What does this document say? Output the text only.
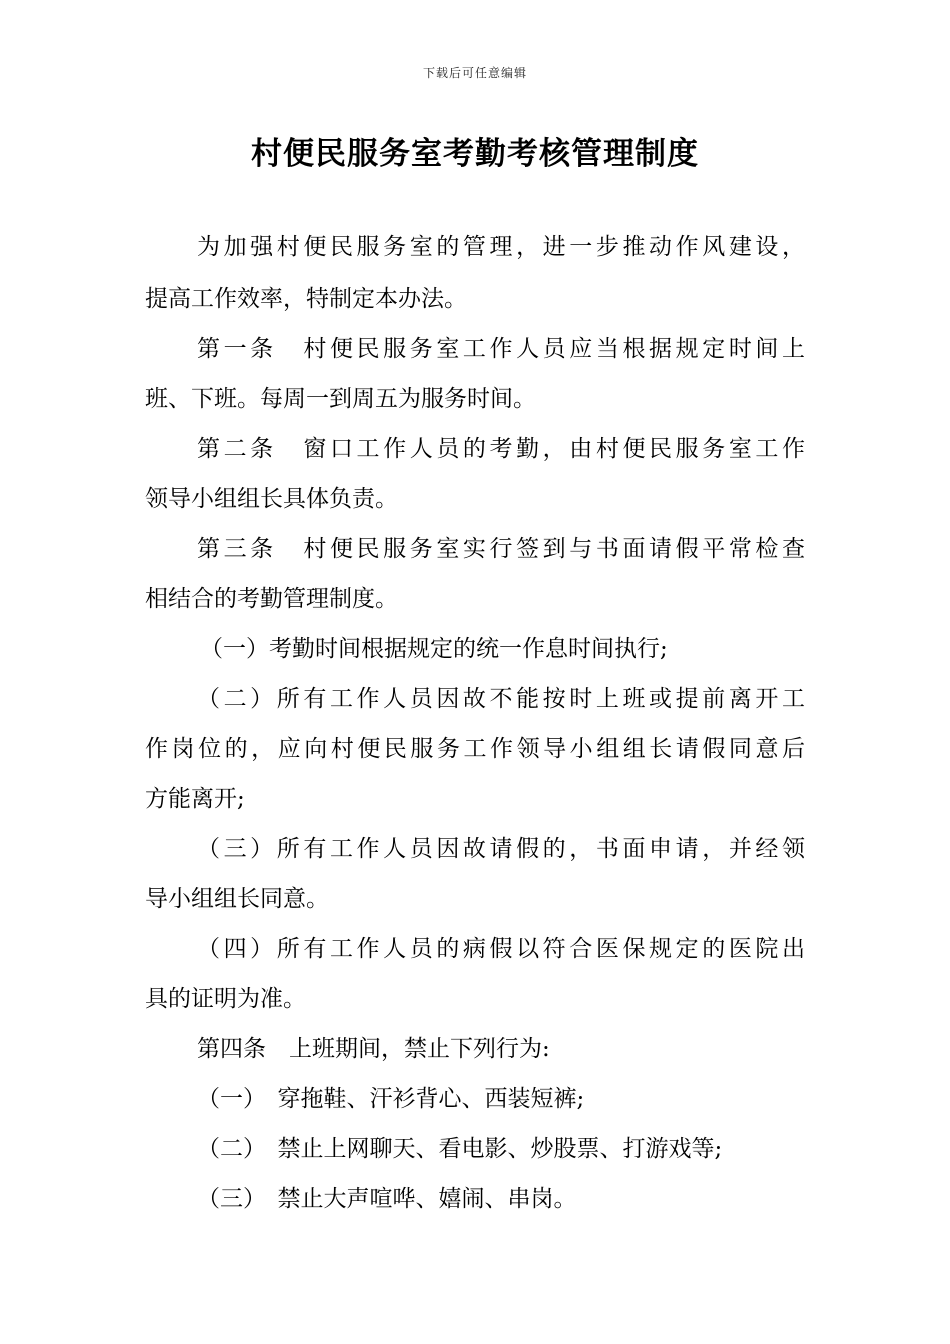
下载后可任意编辑
村便民服务室考勤考核管理制度
为加强村便民服务室的管理，进一步推动作风建设，
提高工作效率，特制定本办法。
第一条　村便民服务室工作人员应当根据规定时间上
班、下班。每周一到周五为服务时间。
第二条　窗口工作人员的考勤，由村便民服务室工作
领导小组组长具体负责。
第三条　村便民服务室实行签到与书面请假平常检查
相结合的考勤管理制度。
（一）考勤时间根据规定的统一作息时间执行;
（二）所有工作人员因故不能按时上班或提前离开工
作岗位的，应向村便民服务工作领导小组组长请假同意后
方能离开;
（三）所有工作人员因故请假的，书面申请，并经领
导小组组长同意。
（四）所有工作人员的病假以符合医保规定的医院出
具的证明为准。
第四条　上班期间，禁止下列行为:
（一）　穿拖鞋、汗衫背心、西装短裤;
（二）　禁止上网聊天、看电影、炒股票、打游戏等;
（三）　禁止大声喧哗、嬉闹、串岗。
